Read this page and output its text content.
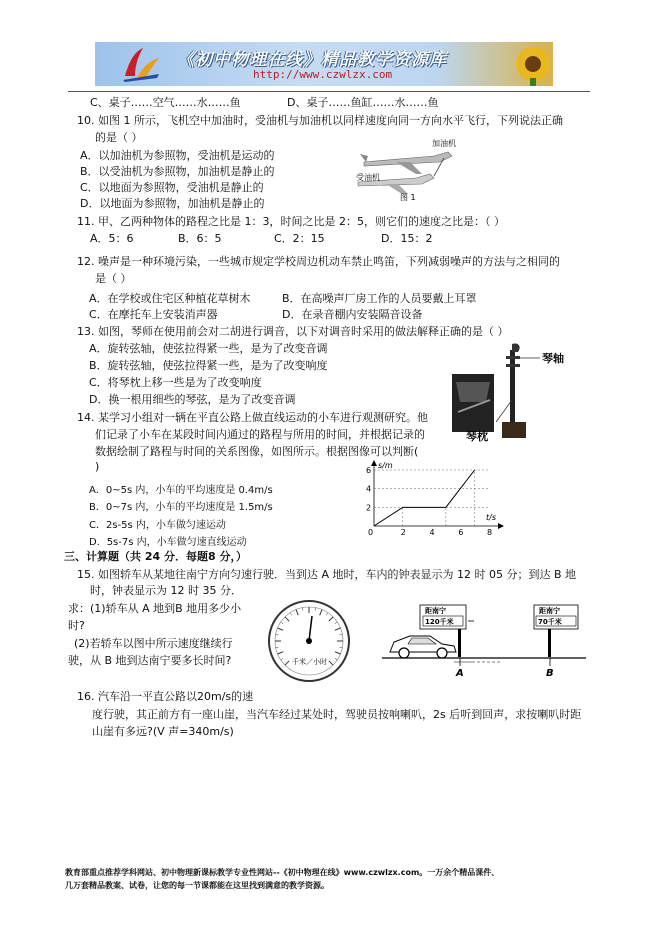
《初中物理在线》精品教学资源库
http://www.czwlzx.com
C、桌子……空气……水……鱼	D、桌子……鱼缸……水……鱼
10. 如图 1 所示，飞机空中加油时，受油机与加油机以同样速度向同一方向水平飞行，下列说法正确
的是（ ）
A．以加油机为参照物，受油机是运动的
B．以受油机为参照物，加油机是静止的
C．以地面为参照物，受油机是静止的
D．以地面为参照物，加油机是静止的
加油机
受油机
图 1
11. 甲、乙两种物体的路程之比是 1：3，时间之比是 2：5，则它们的速度之比是：（ ）
A．5：6	B．6：5	C．2：15	D．15：2
12. 噪声是一种环境污染，一些城市规定学校周边机动车禁止鸣笛，下列减弱噪声的方法与之相同的
是（ ）
A．在学校或住宅区种植花草树木	B．在高噪声厂房工作的人员要戴上耳罩
C．在摩托车上安装消声器	D．在录音棚内安装隔音设备
13. 如图，琴师在使用前会对二胡进行调音，以下对调音时采用的做法解释正确的是（ ）
A．旋转弦轴，使弦拉得紧一些，是为了改变音调
B．旋转弦轴，使弦拉得紧一些，是为了改变响度
C．将琴枕上移一些是为了改变响度
D．换一根用细些的琴弦，是为了改变音调
琴轴
琴枕
14. 某学习小组对一辆在平直公路上做直线运动的小车进行观测研究。他
们记录了小车在某段时间内通过的路程与所用的时间，并根据记录的
数据绘制了路程与时间的关系图像，如图所示。根据图像可以判断(
)
A．0~5s 内，小车的平均速度是 0.4m/s
B．0~7s 内，小车的平均速度是 1.5m/s
C．2s-5s 内，小车做匀速运动
D．5s-7s 内，小车做匀速直线运动
2	4	6	8
2
4
6
0
s/m
t/s
三、计算题（共 24 分．每题8 分，）
15. 如图轿车从某地往南宁方向匀速行驶．当到达 A 地时，车内的钟表显示为 12 时 05 分；到达 B 地
时，钟表显示为 12 时 35 分．
求：(1)轿车从 A 地到B 地用多少小
时?
(2)若轿车以图中所示速度继续行
驶，从 B 地到达南宁要多长时间?	千米／小时
距南宁
120千米
距南宁
70千米
A	B
16. 汽车沿一平直公路以20m/s的速
度行驶，其正前方有一座山崖，当汽车经过某处时，驾驶员按响喇叭，2s 后听到回声，求按喇叭时距
山崖有多远?(V 声=340m/s)
教育部重点推荐学科网站、初中物理新课标教学专业性网站--《初中物理在线》www.czwlzx.com。一万余个精品课件、
几万套精品教案、试卷，让您的每一节课都能在这里找到满意的教学资源。
